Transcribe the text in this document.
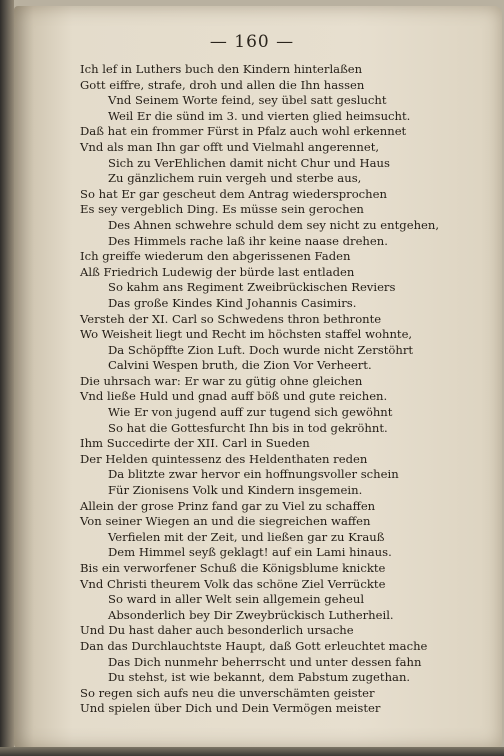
— 160 —
Ich lef in Luthers buch den Kindern hinterlaßen
Gott eiffre, strafe, droh und allen die Ihn hassen
Vnd Seinem Worte feind, sey übel satt geslucht
Weil Er die sünd im 3. und vierten glied heimsucht.
Daß hat ein frommer Fürst in Pfalz auch wohl erkennet
Vnd als man Ihn gar offt und Vielmahl angerennet,
Sich zu VerEhlichen damit nicht Chur und Haus
Zu gänzlichem ruin vergeh und sterbe aus,
So hat Er gar gescheut dem Antrag wiedersprochen
Es sey vergeblich Ding. Es müsse sein gerochen
Des Ahnen schwehre schuld dem sey nicht zu entgehen,
Des Himmels rache laß ihr keine naase drehen.
Ich greiffe wiederum den abgerissenen Faden
Alß Friedrich Ludewig der bürde last entladen
So kahm ans Regiment Zweibrückischen Reviers
Das große Kindes Kind Johannis Casimirs.
Versteh der XI. Carl so Schwedens thron bethronte
Wo Weisheit liegt und Recht im höchsten staffel wohnte,
Da Schöpffte Zion Luft. Doch wurde nicht Zerstöhrt
Calvini Wespen bruth, die Zion Vor Verheert.
Die uhrsach war: Er war zu gütig ohne gleichen
Vnd ließe Huld und gnad auff böß und gute reichen.
Wie Er von jugend auff zur tugend sich gewöhnt
So hat die Gottesfurcht Ihn bis in tod gekröhnt.
Ihm Succedirte der XII. Carl in Sueden
Der Helden quintessenz des Heldenthaten reden
Da blitzte zwar hervor ein hoffnungsvoller schein
Für Zionisens Volk und Kindern insgemein.
Allein der grose Prinz fand gar zu Viel zu schaffen
Von seiner Wiegen an und die siegreichen waffen
Verfielen mit der Zeit, und ließen gar zu Krauß
Dem Himmel seyß geklagt! auf ein Lami hinaus.
Bis ein verworfener Schuß die Königsblume knickte
Vnd Christi theurem Volk das schöne Ziel Verrückte
So ward in aller Welt sein allgemein geheul
Absonderlich bey Dir Zweybrückisch Lutherheil.
Und Du hast daher auch besonderlich ursache
Dan das Durchlauchtste Haupt, daß Gott erleuchtet mache
Das Dich nunmehr beherrscht und unter dessen fahn
Du stehst, ist wie bekannt, dem Pabstum zugethan.
So regen sich aufs neu die unverschämten geister
Und spielen über Dich und Dein Vermögen meister
